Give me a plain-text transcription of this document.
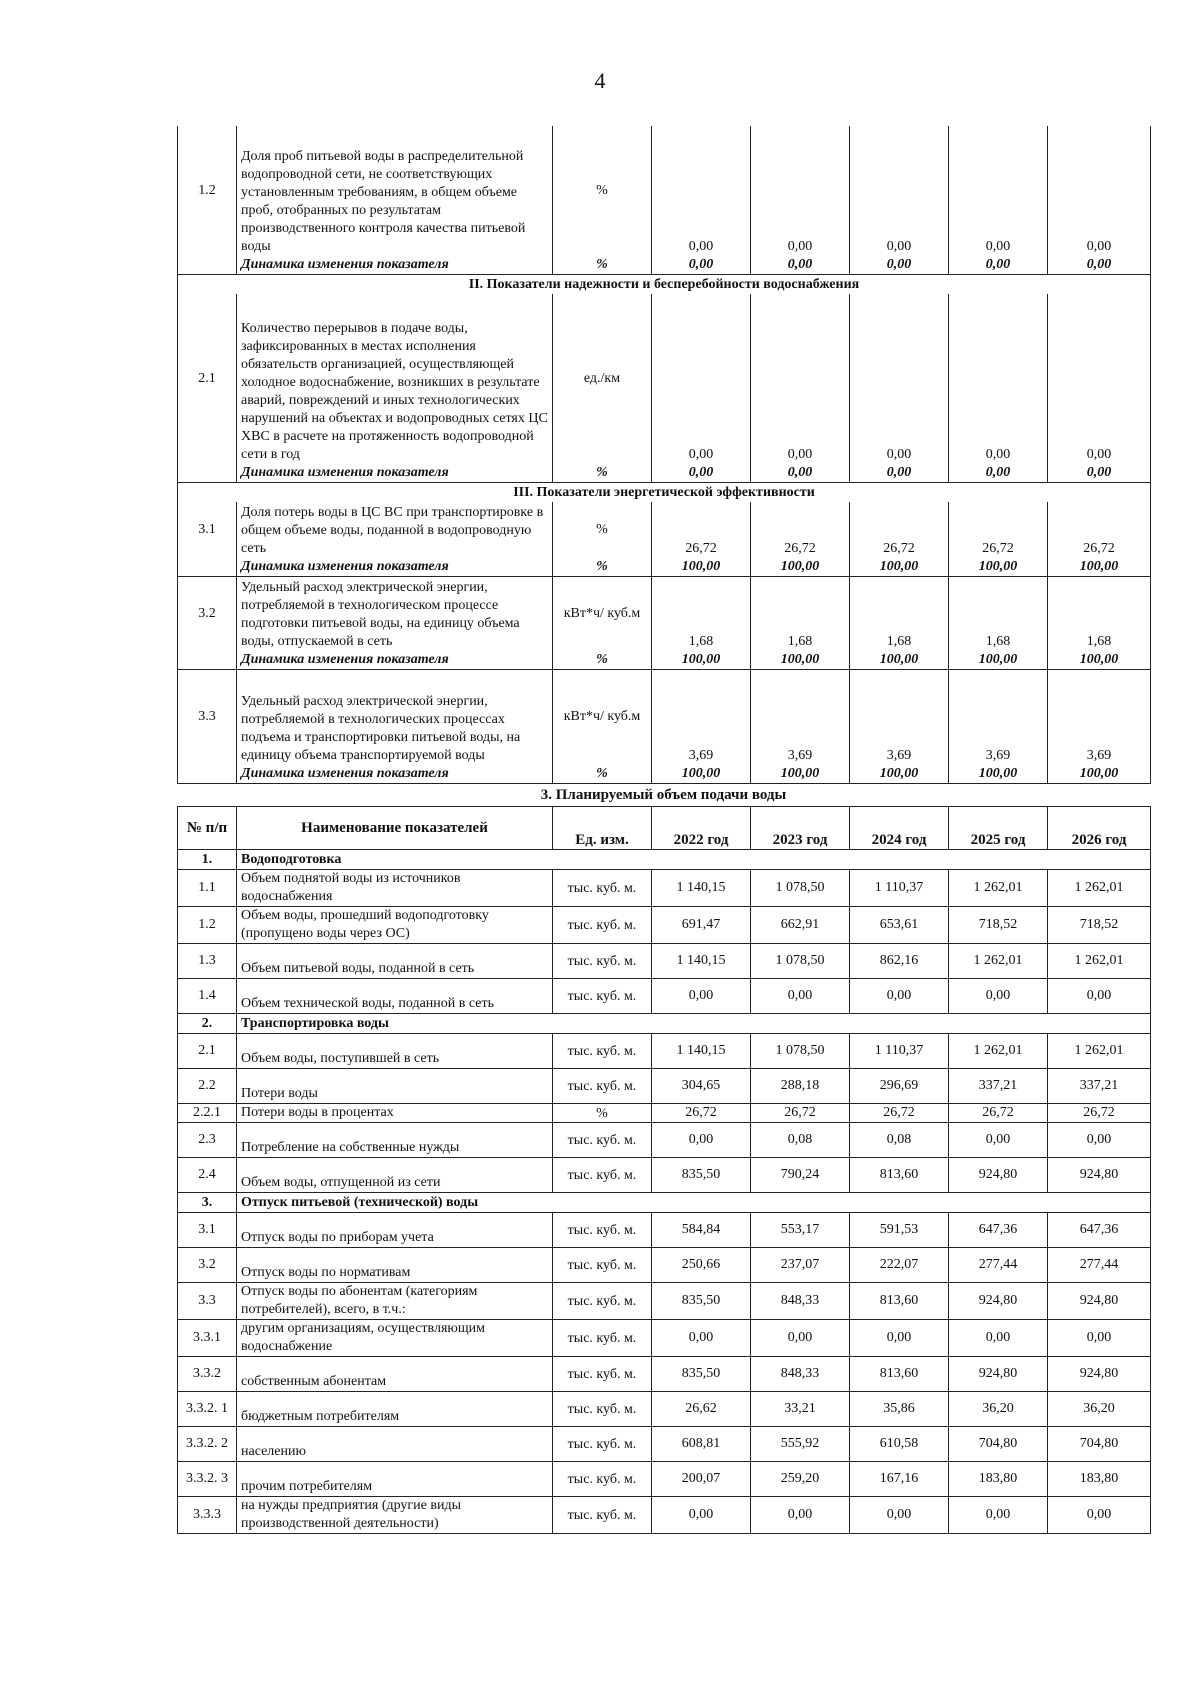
4
1.2	Доля проб питьевой воды в распределительной водопроводной сети, не соответствующих установленным требованиям, в общем объеме проб, отобранных по результатам производственного контроля качества питьевой воды	%	0,00	0,00	0,00	0,00	0,00
	Динамика изменения показателя	%	0,00	0,00	0,00	0,00	0,00
II. Показатели надежности и бесперебойности водоснабжения							
2.1	Количество перерывов в подаче воды, зафиксированных в местах исполнения обязательств организацией, осуществляющей холодное водоснабжение, возникших в результате аварий, повреждений и иных технологических нарушений на объектах и водопроводных сетях ЦС ХВС в расчете на протяженность водопроводной сети в год	ед./км	0,00	0,00	0,00	0,00	0,00
	Динамика изменения показателя	%	0,00	0,00	0,00	0,00	0,00
III. Показатели энергетической эффективности							
3.1	Доля потерь воды в ЦС ВС при транспортировке в общем объеме воды, поданной в водопроводную сеть	%	26,72	26,72	26,72	26,72	26,72
	Динамика изменения показателя	%	100,00	100,00	100,00	100,00	100,00
3.2	Удельный расход электрической энергии, потребляемой в технологическом процессе подготовки питьевой воды, на единицу объема воды, отпускаемой в сеть	кВт*ч/ куб.м	1,68	1,68	1,68	1,68	1,68
	Динамика изменения показателя	%	100,00	100,00	100,00	100,00	100,00
3.3	Удельный расход электрической энергии, потребляемой в технологических процессах подъема и транспортировки питьевой воды, на единицу объема транспортируемой воды	кВт*ч/ куб.м	3,69	3,69	3,69	3,69	3,69
	Динамика изменения показателя	%	100,00	100,00	100,00	100,00	100,00
3. Планируемый объем подачи воды
№ п/п	Наименование показателей	Ед. изм.	2022 год	2023 год	2024 год	2025 год	2026 год
1.	Водоподготовка						
1.1	Объем поднятой воды из источников водоснабжения	тыс. куб. м.	1 140,15	1 078,50	1 110,37	1 262,01	1 262,01
1.2	Объем воды, прошедший водоподготовку (пропущено воды через ОС)	тыс. куб. м.	691,47	662,91	653,61	718,52	718,52
1.3	Объем питьевой воды, поданной в сеть	тыс. куб. м.	1 140,15	1 078,50	862,16	1 262,01	1 262,01
1.4	Объем технической воды, поданной в сеть	тыс. куб. м.	0,00	0,00	0,00	0,00	0,00
2.	Транспортировка воды						
2.1	Объем воды, поступившей в сеть	тыс. куб. м.	1 140,15	1 078,50	1 110,37	1 262,01	1 262,01
2.2	Потери воды	тыс. куб. м.	304,65	288,18	296,69	337,21	337,21
2.2.1	Потери воды в процентах	%	26,72	26,72	26,72	26,72	26,72
2.3	Потребление на собственные нужды	тыс. куб. м.	0,00	0,08	0,08	0,00	0,00
2.4	Объем воды, отпущенной из сети	тыс. куб. м.	835,50	790,24	813,60	924,80	924,80
3.	Отпуск питьевой (технической) воды						
3.1	Отпуск воды по приборам учета	тыс. куб. м.	584,84	553,17	591,53	647,36	647,36
3.2	Отпуск воды по нормативам	тыс. куб. м.	250,66	237,07	222,07	277,44	277,44
3.3	Отпуск воды по абонентам (категориям потребителей), всего, в т.ч.:	тыс. куб. м.	835,50	848,33	813,60	924,80	924,80
3.3.1	другим организациям, осуществляющим водоснабжение	тыс. куб. м.	0,00	0,00	0,00	0,00	0,00
3.3.2	собственным абонентам	тыс. куб. м.	835,50	848,33	813,60	924,80	924,80
3.3.2. 1	бюджетным потребителям	тыс. куб. м.	26,62	33,21	35,86	36,20	36,20
3.3.2. 2	населению	тыс. куб. м.	608,81	555,92	610,58	704,80	704,80
3.3.2. 3	прочим потребителям	тыс. куб. м.	200,07	259,20	167,16	183,80	183,80
3.3.3	на нужды предприятия (другие виды производственной деятельности)	тыс. куб. м.	0,00	0,00	0,00	0,00	0,00
